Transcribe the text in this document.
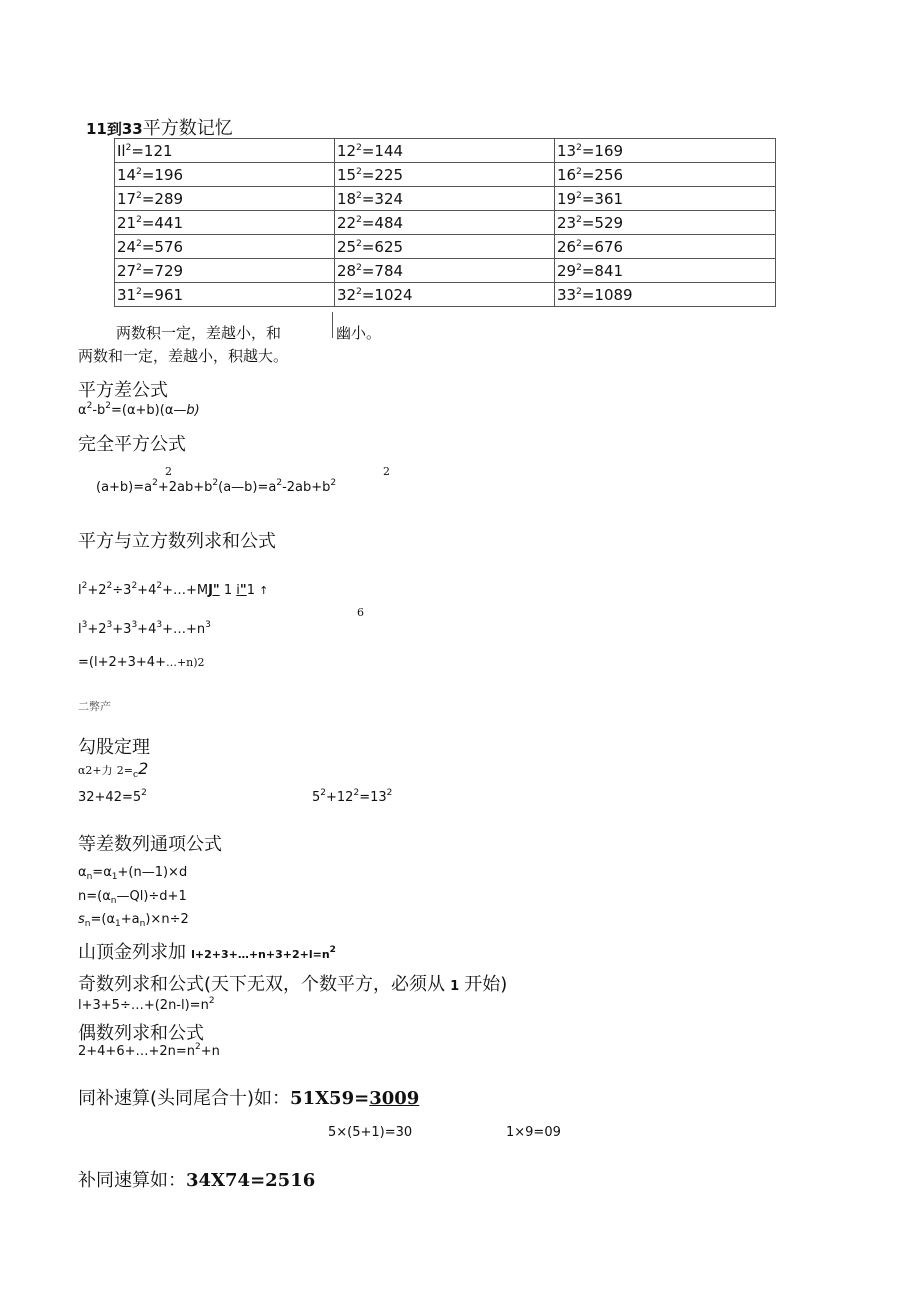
11到33平方数记忆
$Il^2=121$	$12^2=144$	$13^2=169$
$14^2=196$	$15^2=225$	$16^2=256$
$17^2=289$	$18^2=324$	$19^2=361$
$21^2=441$	$22^2=484$	$23^2=529$
$24^2=576$	$25^2=625$	$26^2=676$
$27^2=729$	$28^2=784$	$29^2=841$
$31^2=961$	$32^2=1024$	$33^2=1089$
两数积一定，差越小，和	幽小。
两数和一定，差越小，积越大。
平方差公式
$\alpha^2-b^2=(\alpha+b)(\alpha—b)$
完全平方公式
2	2
$(a+b)=a^2+2ab+b^2(a—b)=a^2-2ab+b^2$
平方与立方数列求和公式
$l^2+2^2\div 3^2+4^2+\dots+MJ$" 1 i"1 ↑
6
$l^3+2^3+3^3+4^3+\dots+n^3$
=(l+2+3+4+…+n)2
二弊产
勾股定理
α2+力 $2=_c2$
$32+42=5^2$	$5^2+12^2=13^2$
等差数列通项公式
$\alpha_n=\alpha_1+(n—1)\times d$
$n=(\alpha_n—Ql)\div d+1$
$s_n=(\alpha_1+a_n)\times n\div 2$
山顶金列求加 $l+2+3+\dots+n+3+2+l=n^2$
奇数列求和公式(天下无双，个数平方，必须从 1 开始)
$l+3+5\div\dots+(2n-l)=n^2$
偶数列求和公式
$2+4+6+\dots+2n=n^2+n$
同补速算(头同尾合十)如：51X59=3009
5×(5+1)=30	1×9=09
补同速算如：34X74=2516
